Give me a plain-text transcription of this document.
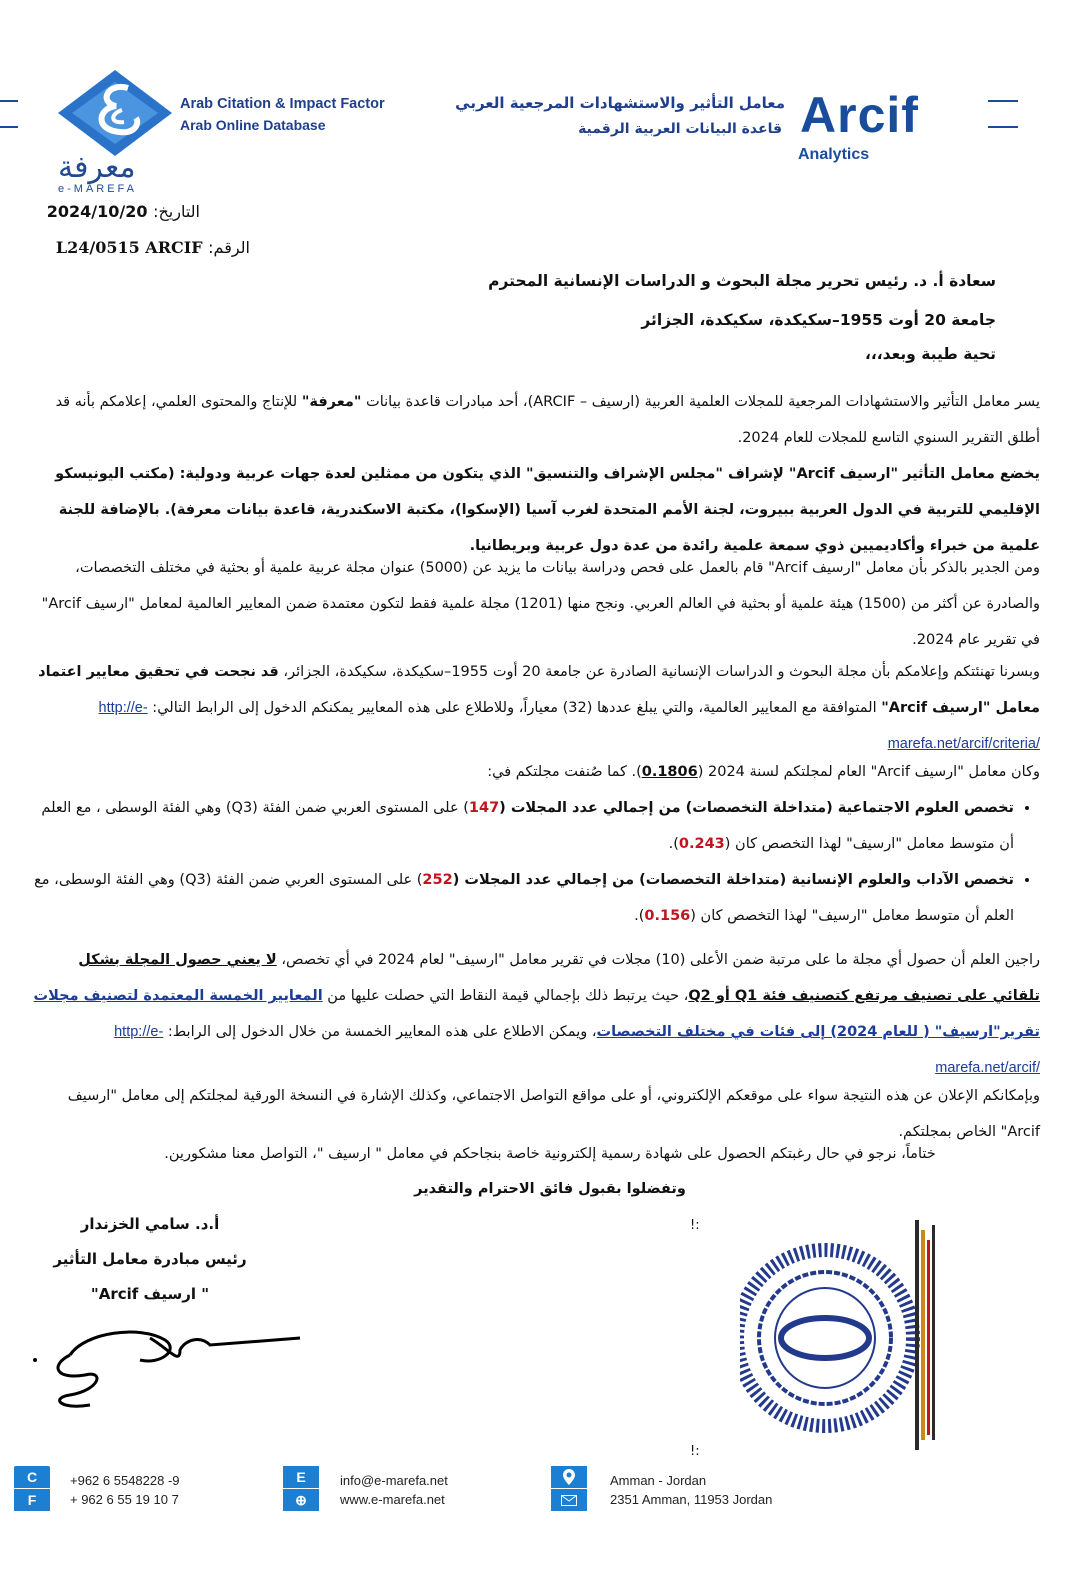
معرفة
e-MAREFA
Arab Citation & Impact Factor
Arab Online Database
معامل التأثير والاستشهادات المرجعية العربي
قاعدة البيانات العربية الرقمية Arcif
Analytics
التاريخ: 2024/10/20
الرقم: L24/0515 ARCIF
سعادة أ. د. رئيس تحرير مجلة البحوث و الدراسات الإنسانية المحترم
جامعة 20 أوت 1955–سكيكدة، سكيكدة، الجزائر
تحية طيبة وبعد،،،
يسر معامل التأثير والاستشهادات المرجعية للمجلات العلمية العربية (ارسيف – ARCIF)، أحد مبادرات قاعدة بيانات "معرفة" للإنتاج والمحتوى العلمي، إعلامكم بأنه قد أطلق التقرير السنوي التاسع للمجلات للعام 2024.
يخضع معامل التأثير "ارسيف Arcif" لإشراف "مجلس الإشراف والتنسيق" الذي يتكون من ممثلين لعدة جهات عربية ودولية: (مكتب اليونيسكو الإقليمي للتربية في الدول العربية ببيروت، لجنة الأمم المتحدة لغرب آسيا (الإسكوا)، مكتبة الاسكندرية، قاعدة بيانات معرفة). بالإضافة للجنة علمية من خبراء وأكاديميين ذوي سمعة علمية رائدة من عدة دول عربية وبريطانيا.
ومن الجدير بالذكر بأن معامل "ارسيف Arcif" قام بالعمل على فحص ودراسة بيانات ما يزيد عن (5000) عنوان مجلة عربية علمية أو بحثية في مختلف التخصصات، والصادرة عن أكثر من (1500) هيئة علمية أو بحثية في العالم العربي. ونجح منها (1201) مجلة علمية فقط لتكون معتمدة ضمن المعايير العالمية لمعامل "ارسيف Arcif" في تقرير عام 2024.
وبسرنا تهنئتكم وإعلامكم بأن مجلة البحوث و الدراسات الإنسانية الصادرة عن جامعة 20 أوت 1955–سكيكدة، سكيكدة، الجزائر، قد نجحت في تحقيق معايير اعتماد معامل "ارسيف Arcif" المتوافقة مع المعايير العالمية، والتي يبلغ عددها (32) معياراً، وللاطلاع على هذه المعايير يمكنكم الدخول إلى الرابط التالي: http://e-marefa.net/arcif/criteria/
وكان معامل "ارسيف Arcif" العام لمجلتكم لسنة 2024 (0.1806). كما صُنفت مجلتكم في:
• تخصص العلوم الاجتماعية (متداخلة التخصصات) من إجمالي عدد المجلات (147) على المستوى العربي ضمن الفئة (Q3) وهي الفئة الوسطى ، مع العلم أن متوسط معامل "ارسيف" لهذا التخصص كان (0.243).
• تخصص الآداب والعلوم الإنسانية (متداخلة التخصصات) من إجمالي عدد المجلات (252) على المستوى العربي ضمن الفئة (Q3) وهي الفئة الوسطى، مع العلم أن متوسط معامل "ارسيف" لهذا التخصص كان (0.156).
راجين العلم أن حصول أي مجلة ما على مرتبة ضمن الأعلى (10) مجلات في تقرير معامل "ارسيف" لعام 2024 في أي تخصص، لا يعني حصول المجلة بشكل تلقائي على تصنيف مرتفع كتصنيف فئة Q1 أو Q2، حيث يرتبط ذلك بإجمالي قيمة النقاط التي حصلت عليها من المعايير الخمسة المعتمدة لتصنيف مجلات تقرير"ارسيف" ( للعام 2024) إلى فئات في مختلف التخصصات، ويمكن الاطلاع على هذه المعايير الخمسة من خلال الدخول إلى الرابط: http://e-marefa.net/arcif/
وبإمكانكم الإعلان عن هذه النتيجة سواء على موقعكم الإلكتروني، أو على مواقع التواصل الاجتماعي، وكذلك الإشارة في النسخة الورقية لمجلتكم إلى معامل "ارسيف Arcif" الخاص بمجلتكم.
ختاماً، نرجو في حال رغبتكم الحصول على شهادة رسمية إلكترونية خاصة بنجاحكم في معامل " ارسيف "، التواصل معنا مشكورين.
وتفضلوا بقبول فائق الاحترام والتقدير
أ.د. سامي الخزندار
رئيس مبادرة معامل التأثير
" ارسيف Arcif"
!:
!:
C
F
+962 6 5548228 -9
+ 962 6 55 19 10 7
E
⊕
info@e-marefa.net
www.e-marefa.net
Amman - Jordan
2351 Amman, 11953 Jordan
